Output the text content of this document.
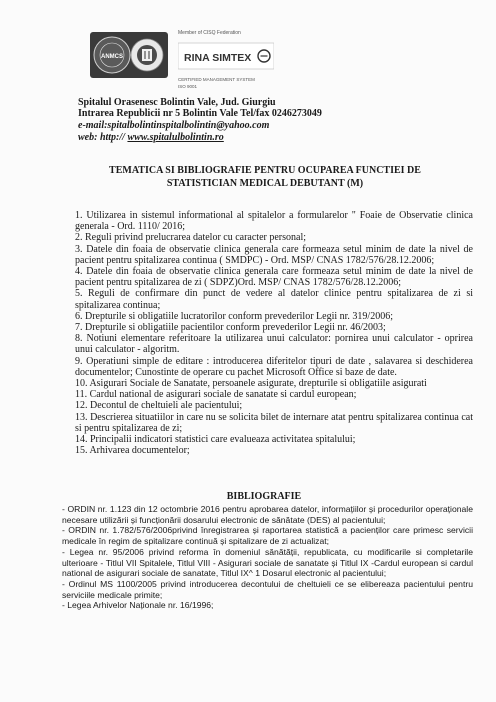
ANMCS
Member of CISQ Federation
RINA SIMTEX
CERTIFIED MANAGEMENT SYSTEM
ISO 9001
Spitalul Orasenesc Bolintin Vale, Jud. Giurgiu
Intrarea Republicii nr 5 Bolintin Vale Tel/fax 0246273049
e-mail:spitalbolintinspitalbolintin@yahoo.com
web: http:// www.spitalulbolintin.ro
TEMATICA SI BIBLIOGRAFIE PENTRU OCUPAREA FUNCTIEI DE
STATISTICIAN MEDICAL DEBUTANT (M)

1. Utilizarea in sistemul informational al spitalelor a formularelor " Foaie de Observatie clinica generala - Ord. 1110/ 2016;

2. Reguli privind prelucrarea datelor cu caracter personal;

3. Datele din foaia de observatie clinica generala care formeaza setul minim de date la nivel de pacient pentru spitalizarea continua ( SMDPC) - Ord. MSP/ CNAS 1782/576/28.12.2006;

4. Datele din foaia de observatie clinica generala care formeaza setul minim de date la nivel de pacient pentru spitalizarea de zi ( SDPZ)Ord. MSP/ CNAS 1782/576/28.12.2006;

5. Reguli de confirmare din punct de vedere al datelor clinice pentru spitalizarea de zi si spitalizarea continua;

6. Drepturile si obligatiile lucratorilor conform prevederilor Legii nr. 319/2006;

7. Drepturile si obligatiile pacientilor conform prevederilor Legii nr. 46/2003;

8. Notiuni elementare referitoare la utilizarea unui calculator: pornirea unui calculator - oprirea unui calculator - algoritm.

9. Operatiuni simple de editare : introducerea diferitelor tipuri de date , salavarea si deschiderea documentelor; Cunostinte de operare cu pachet Microsoft Office si baze de date.

10. Asigurari Sociale de Sanatate, persoanele asigurate, drepturile si obligatiile asigurati

11. Cardul national de asigurari sociale de sanatate si cardul european;

12. Decontul de cheltuieli ale pacientului;

13. Descrierea situatiilor in care nu se solicita bilet de internare atat pentru spitalizarea continua cat si pentru spitalizarea de zi;

14. Principalii indicatori statistici care evalueaza activitatea spitalului;

15. Arhivarea documentelor;

BIBLIOGRAFIE

- ORDIN nr. 1.123 din 12 octombrie 2016 pentru aprobarea datelor, informațiilor și procedurilor operaționale necesare utilizării și funcționării dosarului electronic de sănătate (DES) al pacientului;

- ORDIN nr. 1.782/576/2006privind înregistrarea și raportarea statistică a pacienților care primesc servicii medicale în regim de spitalizare continuă și spitalizare de zi actualizat;

- Legea nr. 95/2006 privind reforma în domeniul sănătății, republicata, cu modificarile si completarile ulterioare - Titlul VII Spitalele, Titlul VIII - Asigurari sociale de sanatate și Titlul IX -Cardul european si cardul national de asigurari sociale de sanatate, Titlul IX^ 1 Dosarul electronic al pacientului;

- Ordinul MS 1100/2005 privind introducerea decontului de cheltuieli ce se elibereaza pacientului pentru serviciile medicale primite;

- Legea Arhivelor Naționale nr. 16/1996;
